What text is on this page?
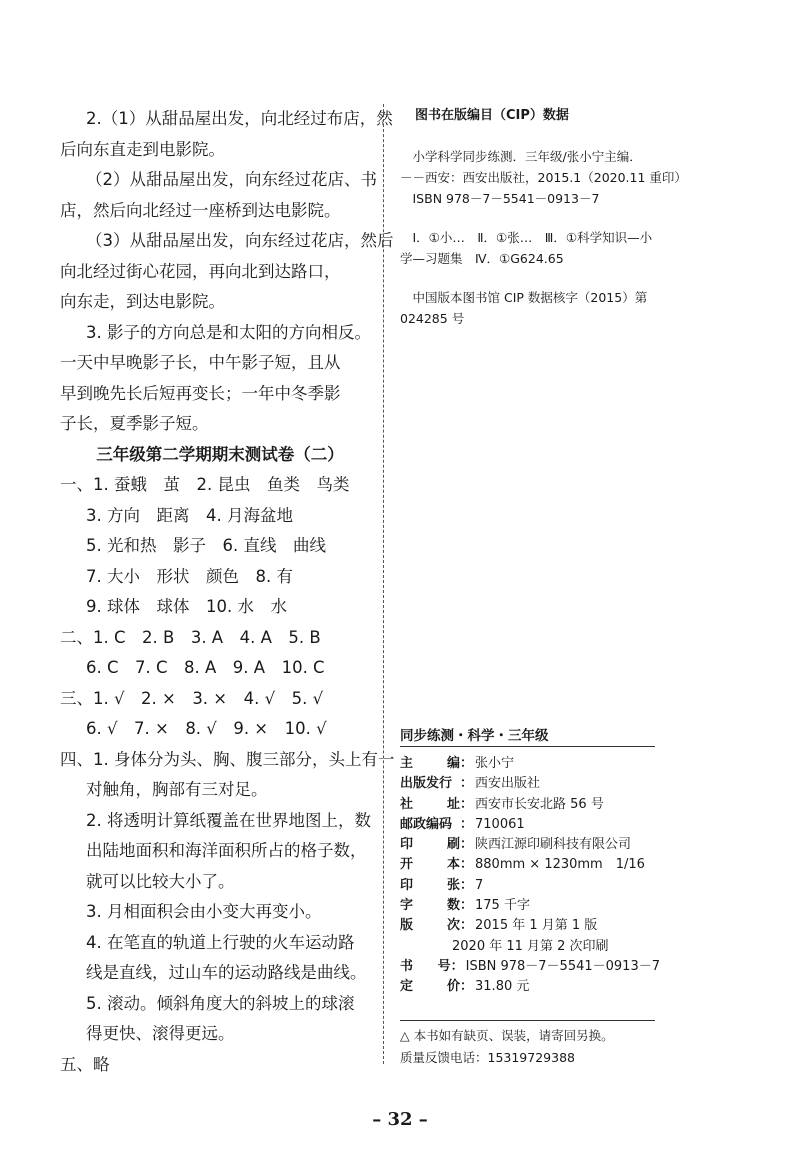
2.（1）从甜品屋出发，向北经过布店，然
后向东直走到电影院。
（2）从甜品屋出发，向东经过花店、书
店，然后向北经过一座桥到达电影院。
（3）从甜品屋出发，向东经过花店，然后
向北经过街心花园，再向北到达路口，
向东走，到达电影院。
3. 影子的方向总是和太阳的方向相反。
一天中早晚影子长，中午影子短，且从
早到晚先长后短再变长；一年中冬季影
子长，夏季影子短。
三年级第二学期期末测试卷（二）
一、1. 蚕蛾　茧　2. 昆虫　鱼类　鸟类
3. 方向　距离　4. 月海盆地
5. 光和热　影子　6. 直线　曲线
7. 大小　形状　颜色　8. 有
9. 球体　球体　10. 水　水
二、1. C　2. B　3. A　4. A　5. B
6. C　7. C　8. A　9. A　10. C
三、1. √　2. ×　3. ×　4. √　5. √
6. √　7. ×　8. √　9. ×　10. √
四、1. 身体分为头、胸、腹三部分，头上有一
对触角，胸部有三对足。
2. 将透明计算纸覆盖在世界地图上，数
出陆地面积和海洋面积所占的格子数，
就可以比较大小了。
3. 月相面积会由小变大再变小。
4. 在笔直的轨道上行驶的火车运动路
线是直线，过山车的运动路线是曲线。
5. 滚动。倾斜角度大的斜坡上的球滚
得更快、滚得更远。
五、略
图书在版编目（CIP）数据

　小学科学同步练测．三年级/张小宁主编．

－－西安：西安出版社，2015.1（2020.11 重印）

　ISBN 978－7－5541－0913－7

　Ⅰ．①小…　Ⅱ．①张…　Ⅲ．①科学知识—小

学—习题集　Ⅳ．①G624.65

　中国版本图书馆 CIP 数据核字（2015）第

024285 号

同步练测・科学・三年级
主	编 ： 张小宁
出版发行 ： 西安出版社
社	址 ： 西安市长安北路 56 号
邮政编码 ： 710061
印	刷 ： 陕西江源印刷科技有限公司
开	本 ： 880mm × 1230mm　1/16
印	张 ： 7
字	数 ： 175 千字
版	次 ： 2015 年 1 月第 1 版
2020 年 11 月第 2 次印刷
书 号 ： ISBN 978－7－5541－0913－7
定	价 ： 31.80 元
△ 本书如有缺页、误装，请寄回另换。
质量反馈电话：15319729388
– 32 –
